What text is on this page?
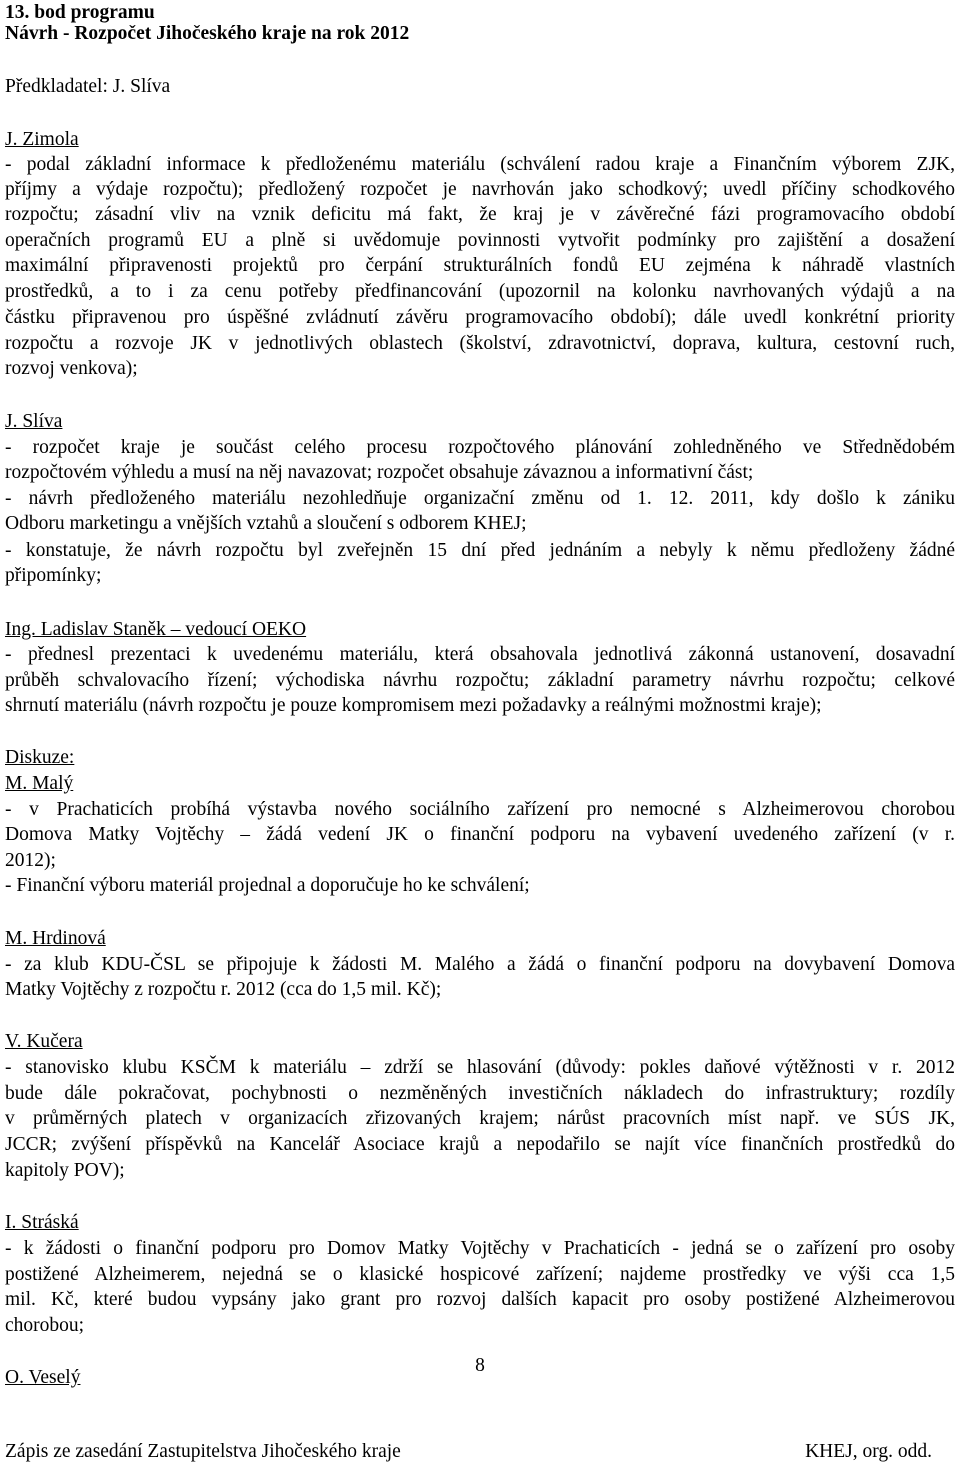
13. bod programu
Návrh - Rozpočet Jihočeského kraje na rok 2012
Předkladatel: J. Slíva
J. Zimola
- podal základní informace k předloženému materiálu (schválení radou kraje a Finančním výborem ZJK,
příjmy a výdaje rozpočtu); předložený rozpočet je navrhován jako schodkový; uvedl příčiny schodkového
rozpočtu; zásadní vliv na vznik deficitu má fakt, že kraj je v závěrečné fázi programovacího období
operačních programů EU a plně si uvědomuje povinnosti vytvořit podmínky pro zajištění a dosažení
maximální připravenosti projektů pro čerpání strukturálních fondů EU zejména k náhradě vlastních
prostředků, a to i za cenu potřeby předfinancování (upozornil na kolonku navrhovaných výdajů a na
částku připravenou pro úspěšné zvládnutí závěru programovacího období); dále uvedl konkrétní priority
rozpočtu a rozvoje JK v jednotlivých oblastech (školství, zdravotnictví, doprava, kultura, cestovní ruch,
rozvoj venkova);
J. Slíva
- rozpočet kraje je součást celého procesu rozpočtového plánování zohledněného ve Střednědobém
rozpočtovém výhledu a musí na něj navazovat; rozpočet obsahuje závaznou a informativní část;
- návrh předloženého materiálu nezohledňuje organizační změnu od 1. 12. 2011, kdy došlo k zániku
Odboru marketingu a vnějších vztahů a sloučení s odborem KHEJ;
- konstatuje, že návrh rozpočtu byl zveřejněn 15 dní před jednáním a nebyly k němu předloženy žádné
připomínky;
Ing. Ladislav Staněk – vedoucí OEKO
- přednesl prezentaci k uvedenému materiálu, která obsahovala jednotlivá zákonná ustanovení, dosavadní
průběh schvalovacího řízení; východiska návrhu rozpočtu; základní parametry návrhu rozpočtu; celkové
shrnutí materiálu (návrh rozpočtu je pouze kompromisem mezi požadavky a reálnými možnostmi kraje);
Diskuze:
M. Malý
- v Prachaticích probíhá výstavba nového sociálního zařízení pro nemocné s Alzheimerovou chorobou
Domova Matky Vojtěchy – žádá vedení JK o finanční podporu na vybavení uvedeného zařízení (v r.
2012);
- Finanční výboru materiál projednal a doporučuje ho ke schválení;
M. Hrdinová
- za klub KDU-ČSL se připojuje k žádosti M. Malého a žádá o finanční podporu na dovybavení Domova
Matky Vojtěchy z rozpočtu r. 2012 (cca do 1,5 mil. Kč);
V. Kučera
- stanovisko klubu KSČM k materiálu – zdrží se hlasování (důvody: pokles daňové výtěžnosti v r. 2012
bude dále pokračovat, pochybnosti o nezměněných investičních nákladech do infrastruktury; rozdíly
v průměrných platech v organizacích zřizovaných krajem; nárůst pracovních míst např. ve SÚS JK,
JCCR; zvýšení příspěvků na Kancelář Asociace krajů a nepodařilo se najít více finančních prostředků do
kapitoly POV);
I. Stráská
- k žádosti o finanční podporu pro Domov Matky Vojtěchy v Prachaticích - jedná se o zařízení pro osoby
postižené Alzheimerem, nejedná se o klasické hospicové zařízení; najdeme prostředky ve výši cca 1,5
mil. Kč, které budou vypsány jako grant pro rozvoj dalších kapacit pro osoby postižené Alzheimerovou
chorobou;
O. Veselý
8
Zápis ze zasedání Zastupitelstva Jihočeského kraje	KHEJ, org. odd.
